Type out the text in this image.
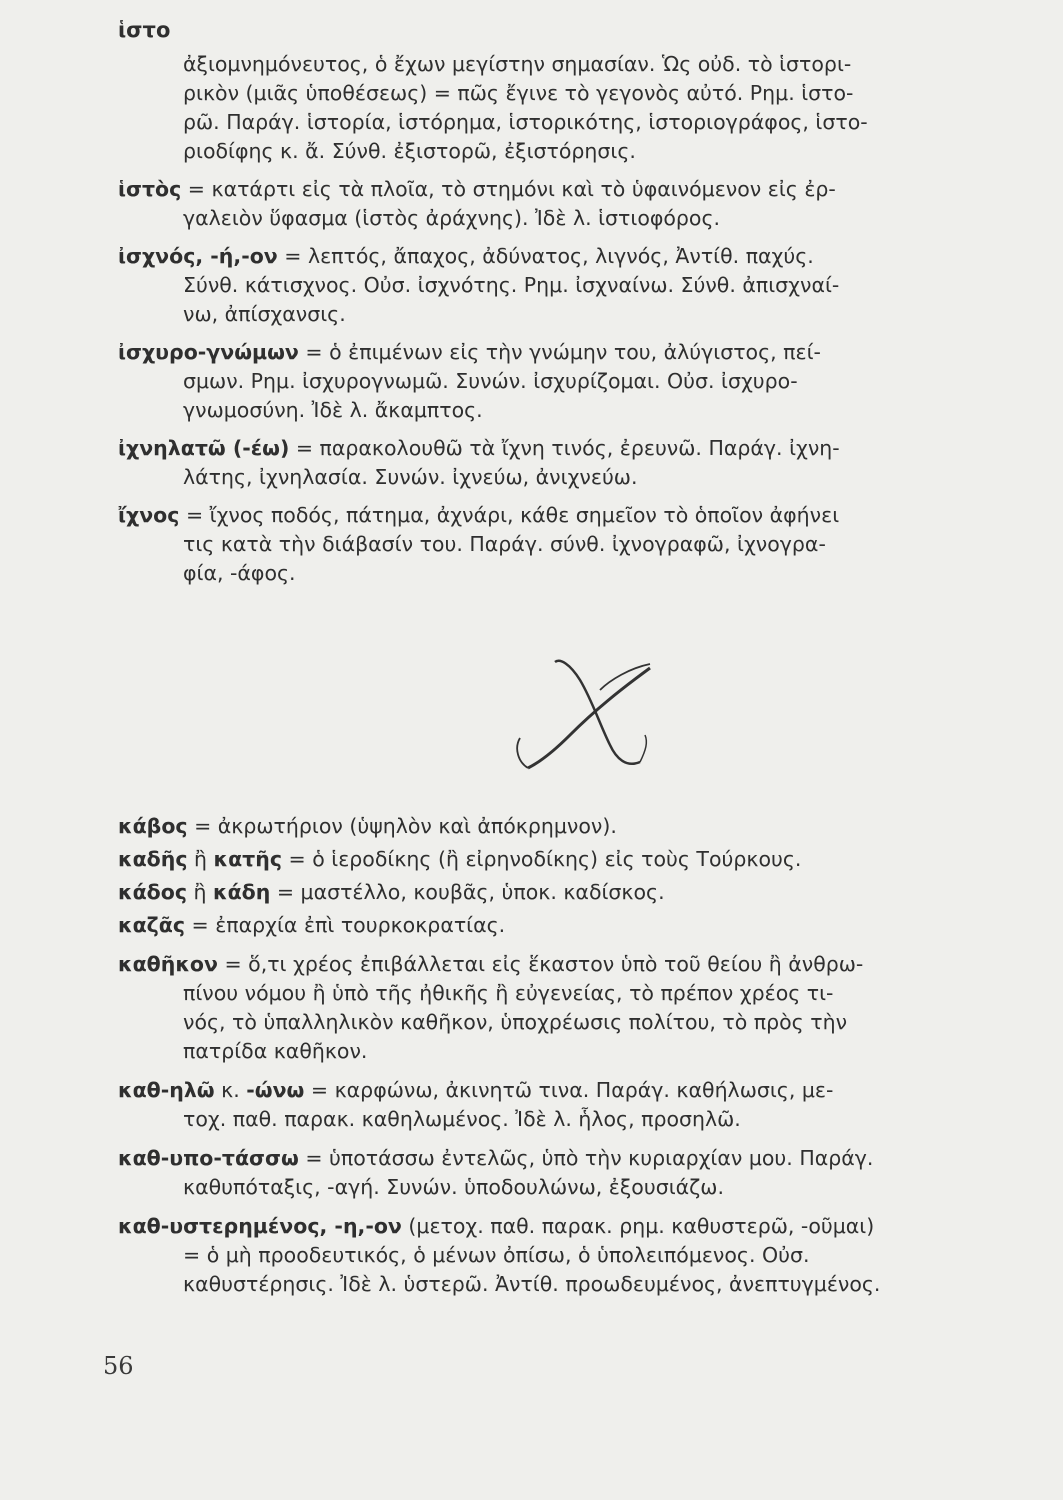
ἱστο
ἀξιομνημόνευτος, ὁ ἔχων μεγίστην σημασίαν. Ὡς οὐδ. τὸ ἱστορι-
ρικὸν (μιᾶς ὑποθέσεως) = πῶς ἔγινε τὸ γεγονὸς αὐτό. Ρημ. ἱστο-
ρῶ. Παράγ. ἱστορία, ἱστόρημα, ἱστορικότης, ἱστοριογράφος, ἱστο-
ριοδίφης κ. ἄ. Σύνθ. ἐξιστορῶ, ἐξιστόρησις.
ἱστὸς = κατάρτι εἰς τὰ πλοῖα, τὸ στημόνι καὶ τὸ ὑφαινόμενον εἰς ἐρ-
γαλειὸν ὕφασμα (ἱστὸς ἀράχνης). Ἰδὲ λ. ἱστιοφόρος.
ἰσχνός, -ή,-ον = λεπτός, ἄπαχος, ἀδύνατος, λιγνός, Ἀντίθ. παχύς.
Σύνθ. κάτισχνος. Οὐσ. ἰσχνότης. Ρημ. ἰσχναίνω. Σύνθ. ἀπισχναί-
νω, ἀπίσχανσις.
ἰσχυρο-γνώμων = ὁ ἐπιμένων εἰς τὴν γνώμην του, ἀλύγιστος, πεί-
σμων. Ρημ. ἰσχυρογνωμῶ. Συνών. ἰσχυρίζομαι. Οὐσ. ἰσχυρο-
γνωμοσύνη. Ἰδὲ λ. ἄκαμπτος.
ἰχνηλατῶ (-έω) = παρακολουθῶ τὰ ἴχνη τινός, ἐρευνῶ. Παράγ. ἰχνη-
λάτης, ἰχνηλασία. Συνών. ἰχνεύω, ἀνιχνεύω.
ἴχνος = ἴχνος ποδός, πάτημα, ἀχνάρι, κάθε σημεῖον τὸ ὁποῖον ἀφήνει
τις κατὰ τὴν διάβασίν του. Παράγ. σύνθ. ἰχνογραφῶ, ἰχνογρα-
φία, -άφος.
κάβος = ἀκρωτήριον (ὑψηλὸν καὶ ἀπόκρημνον).
καδῆς ἢ κατῆς = ὁ ἱεροδίκης (ἢ εἰρηνοδίκης) εἰς τοὺς Τούρκους.
κάδος ἢ κάδη = μαστέλλο, κουβᾶς, ὑποκ. καδίσκος.
καζᾶς = ἐπαρχία ἐπὶ τουρκοκρατίας.
καθῆκον = ὅ,τι χρέος ἐπιβάλλεται εἰς ἕκαστον ὑπὸ τοῦ θείου ἢ ἀνθρω-
πίνου νόμου ἢ ὑπὸ τῆς ἠθικῆς ἢ εὐγενείας, τὸ πρέπον χρέος τι-
νός, τὸ ὑπαλληλικὸν καθῆκον, ὑποχρέωσις πολίτου, τὸ πρὸς τὴν
πατρίδα καθῆκον.
καθ-ηλῶ κ. -ώνω = καρφώνω, ἀκινητῶ τινα. Παράγ. καθήλωσις, με-
τοχ. παθ. παρακ. καθηλωμένος. Ἰδὲ λ. ἧλος, προσηλῶ.
καθ-υπο-τάσσω = ὑποτάσσω ἐντελῶς, ὑπὸ τὴν κυριαρχίαν μου. Παράγ.
καθυπόταξις, -αγή. Συνών. ὑποδουλώνω, ἐξουσιάζω.
καθ-υστερημένος, -η,-ον (μετοχ. παθ. παρακ. ρημ. καθυστερῶ, -οῦμαι)
= ὁ μὴ προοδευτικός, ὁ μένων ὀπίσω, ὁ ὑπολειπόμενος. Οὐσ.
καθυστέρησις. Ἰδὲ λ. ὑστερῶ. Ἀντίθ. προωδευμένος, ἀνεπτυγμένος.
56
